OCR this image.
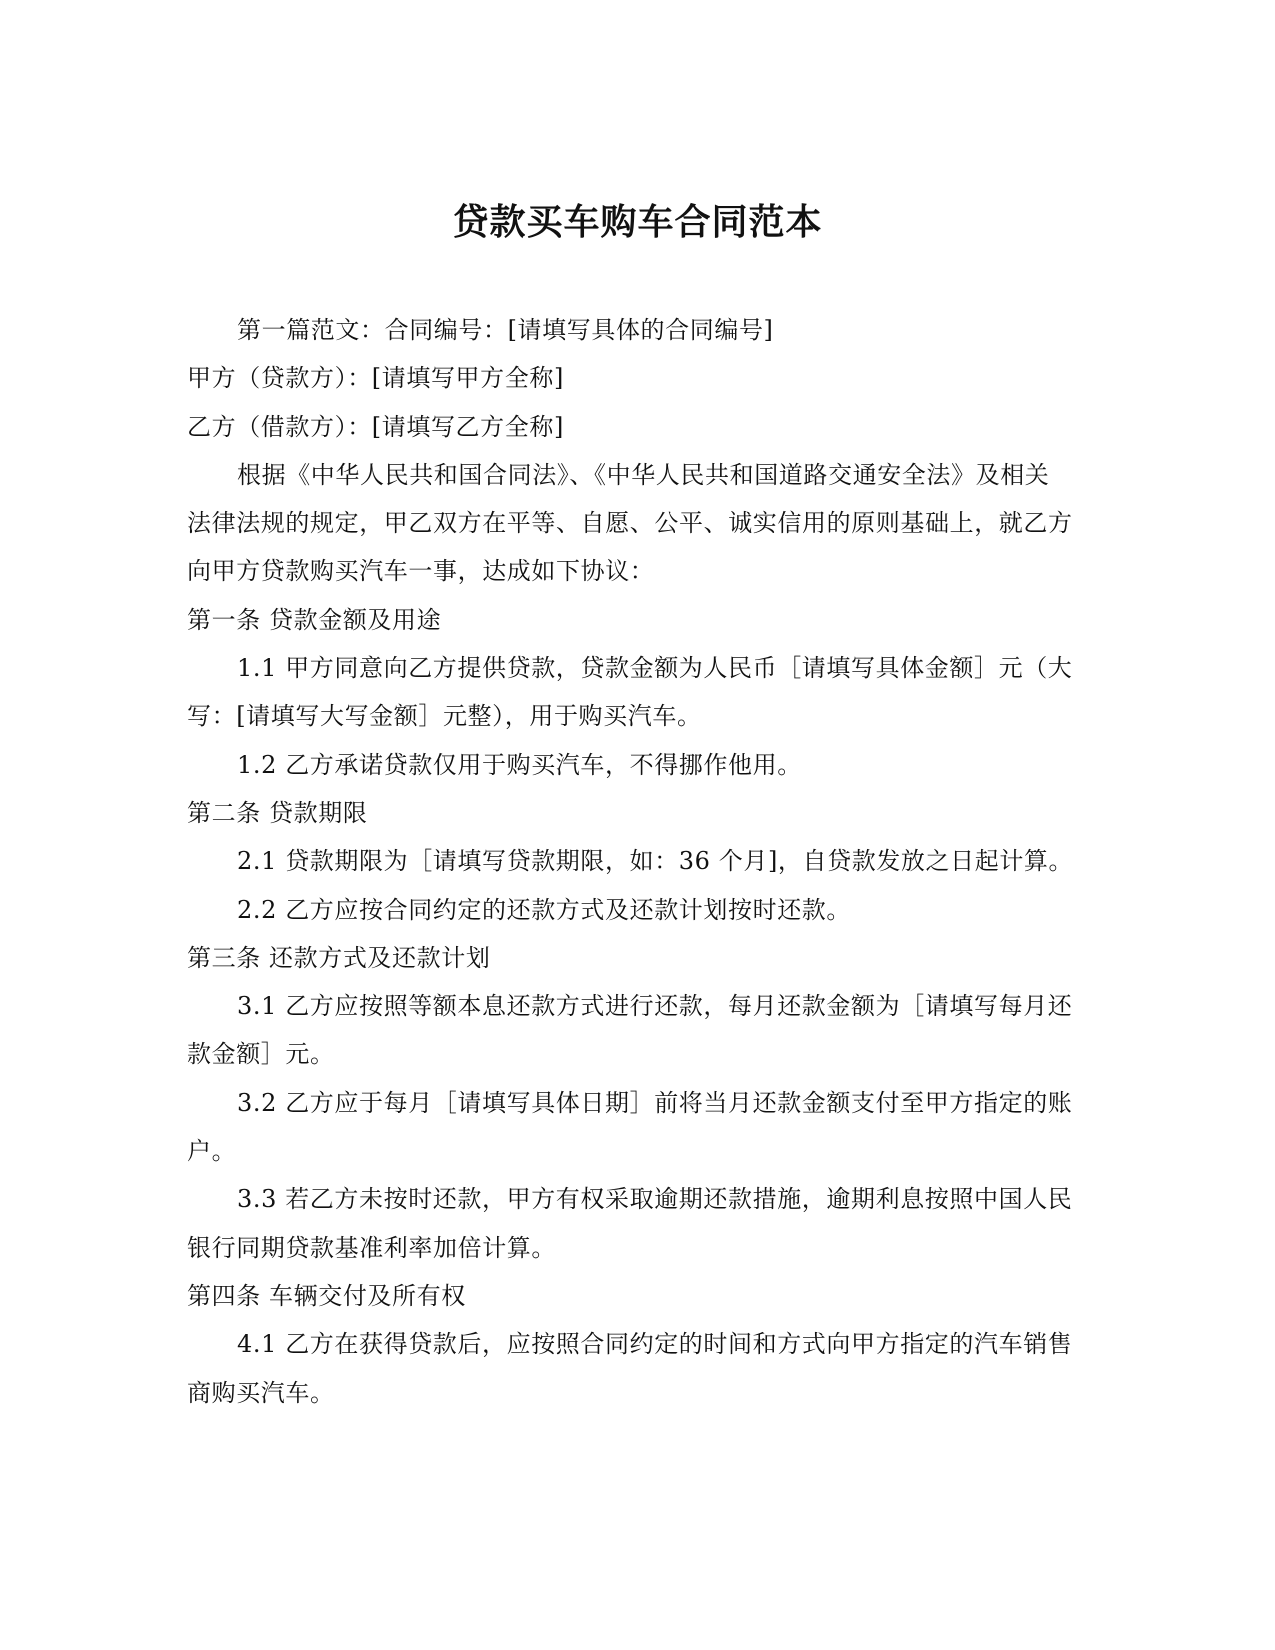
贷款买车购车合同范本
第一篇范文：合同编号：[请填写具体的合同编号]
甲方（贷款方）：[请填写甲方全称]
乙方（借款方）：[请填写乙方全称]
根据《中华人民共和国合同法》、《中华人民共和国道路交通安全法》及相关
法律法规的规定，甲乙双方在平等、自愿、公平、诚实信用的原则基础上，就乙方
向甲方贷款购买汽车一事，达成如下协议：
第一条 贷款金额及用途
1.1 甲方同意向乙方提供贷款，贷款金额为人民币［请填写具体金额］元（大
写：[请填写大写金额］元整），用于购买汽车。
1.2 乙方承诺贷款仅用于购买汽车，不得挪作他用。
第二条 贷款期限
2.1 贷款期限为［请填写贷款期限，如：36 个月]，自贷款发放之日起计算。
2.2 乙方应按合同约定的还款方式及还款计划按时还款。
第三条 还款方式及还款计划
3.1 乙方应按照等额本息还款方式进行还款，每月还款金额为［请填写每月还
款金额］元。
3.2 乙方应于每月［请填写具体日期］前将当月还款金额支付至甲方指定的账
户。
3.3 若乙方未按时还款，甲方有权采取逾期还款措施，逾期利息按照中国人民
银行同期贷款基准利率加倍计算。
第四条 车辆交付及所有权
4.1 乙方在获得贷款后，应按照合同约定的时间和方式向甲方指定的汽车销售
商购买汽车。
